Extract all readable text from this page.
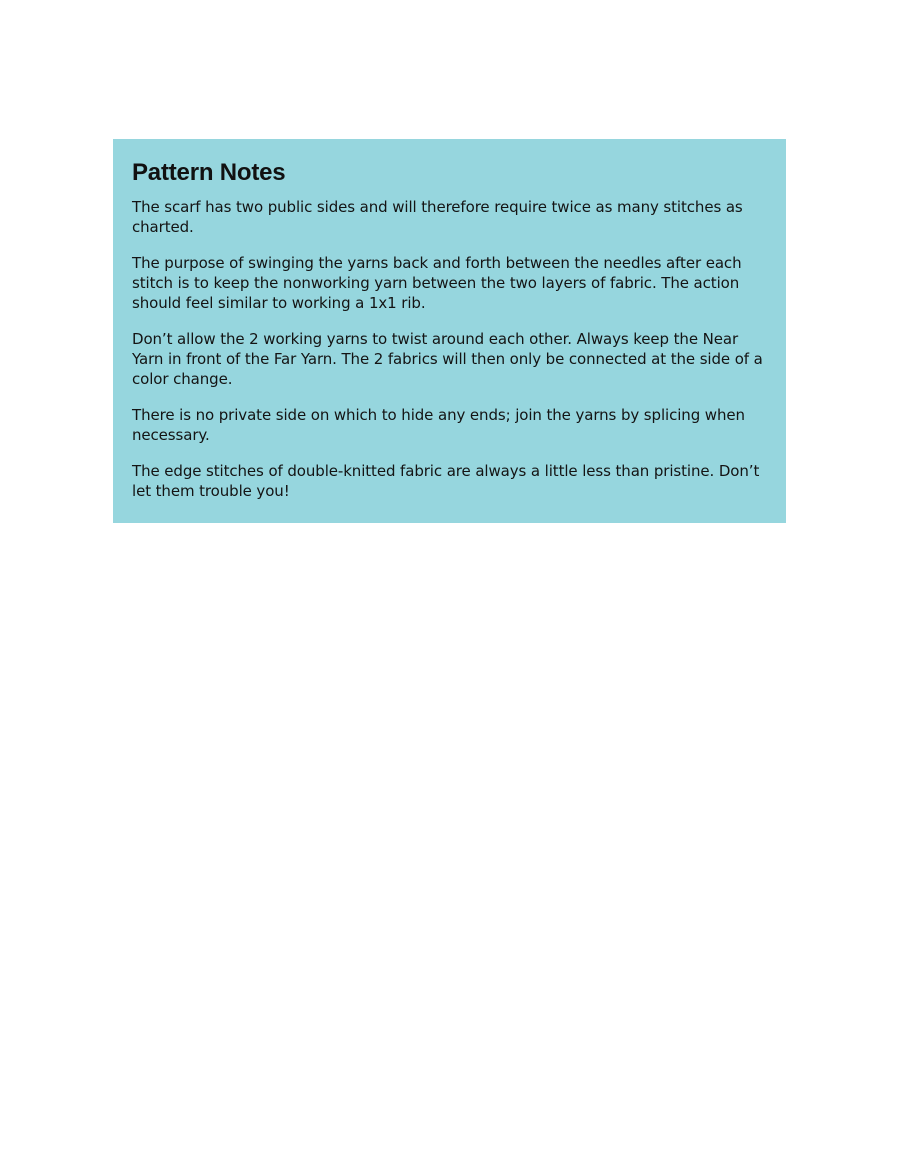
Pattern Notes

The scarf has two public sides and will therefore require twice as many stitches as charted.

The purpose of swinging the yarns back and forth between the needles after each stitch is to keep the nonworking yarn between the two layers of fabric. The action should feel similar to working a 1x1 rib.

Don’t allow the 2 working yarns to twist around each other. Always keep the Near Yarn in front of the Far Yarn. The 2 fabrics will then only be connected at the side of a color change.

There is no private side on which to hide any ends; join the yarns by splicing when necessary.

The edge stitches of double-knitted fabric are always a little less than pristine. Don’t let them trouble you!
